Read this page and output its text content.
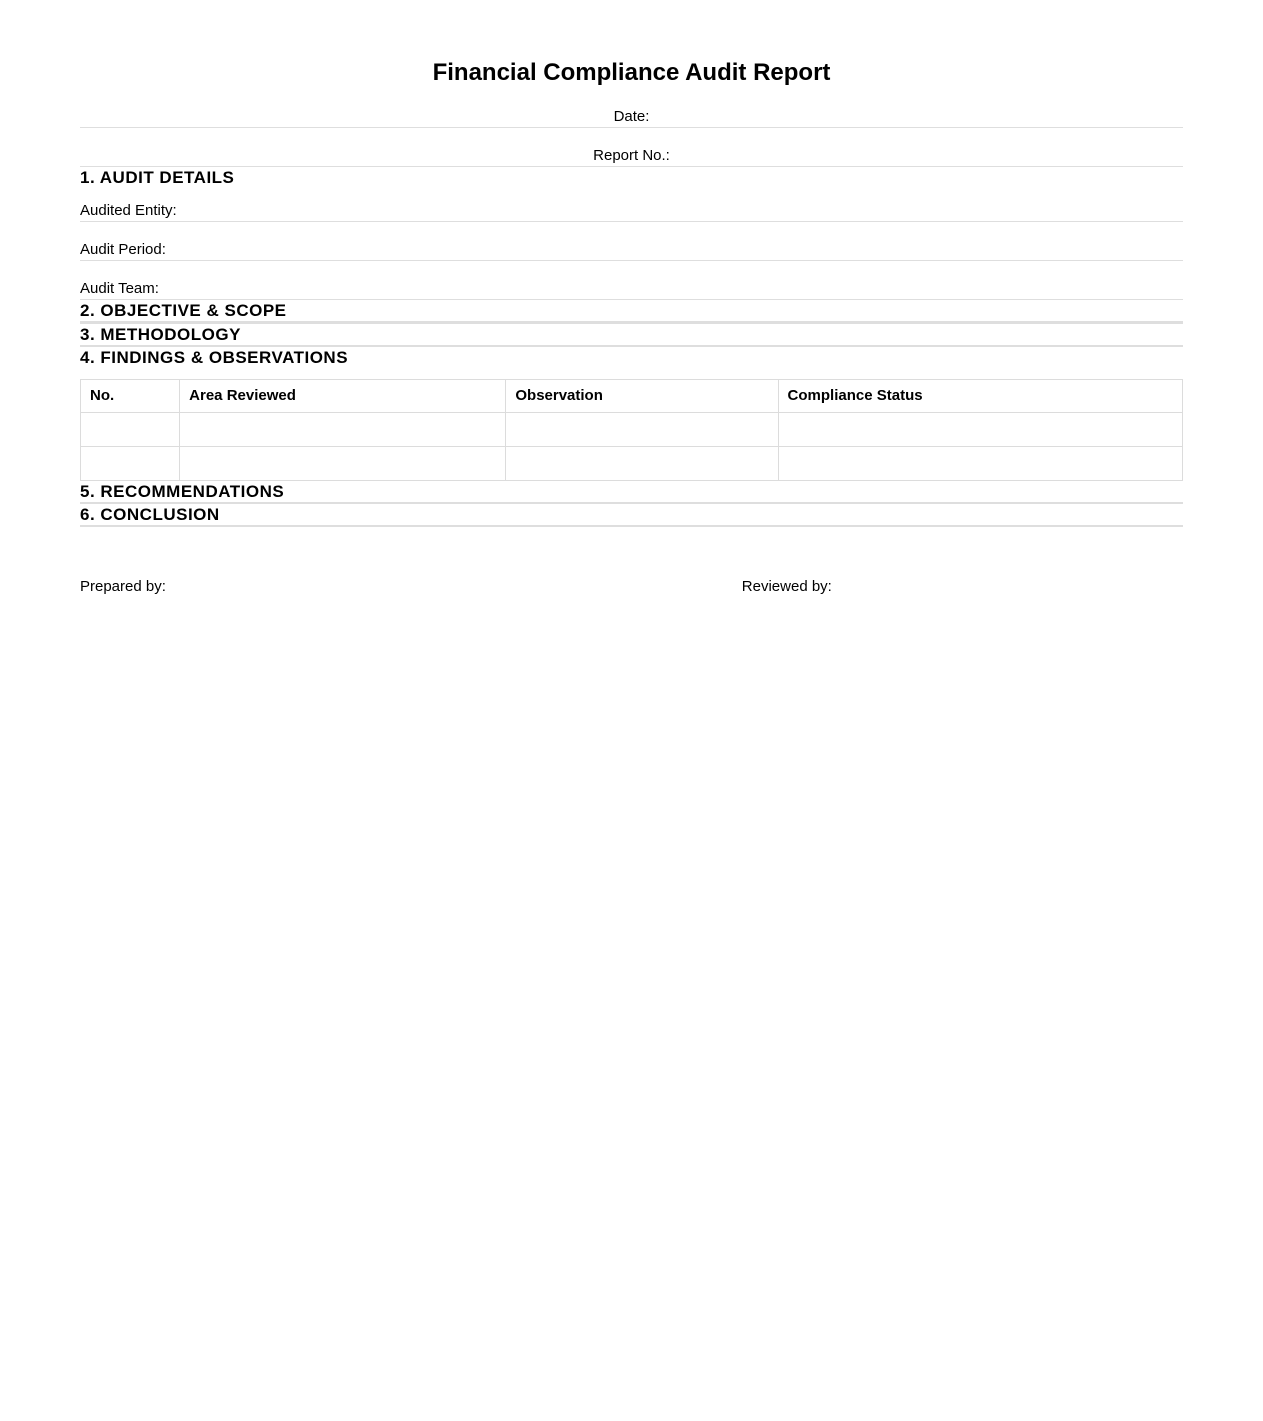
Financial Compliance Audit Report
Date:
Report No.:
1. AUDIT DETAILS
Audited Entity:
Audit Period:
Audit Team:
2. OBJECTIVE & SCOPE
3. METHODOLOGY
4. FINDINGS & OBSERVATIONS
No.	Area Reviewed	Observation	Compliance Status

5. RECOMMENDATIONS
6. CONCLUSION
Prepared by:	Reviewed by:
